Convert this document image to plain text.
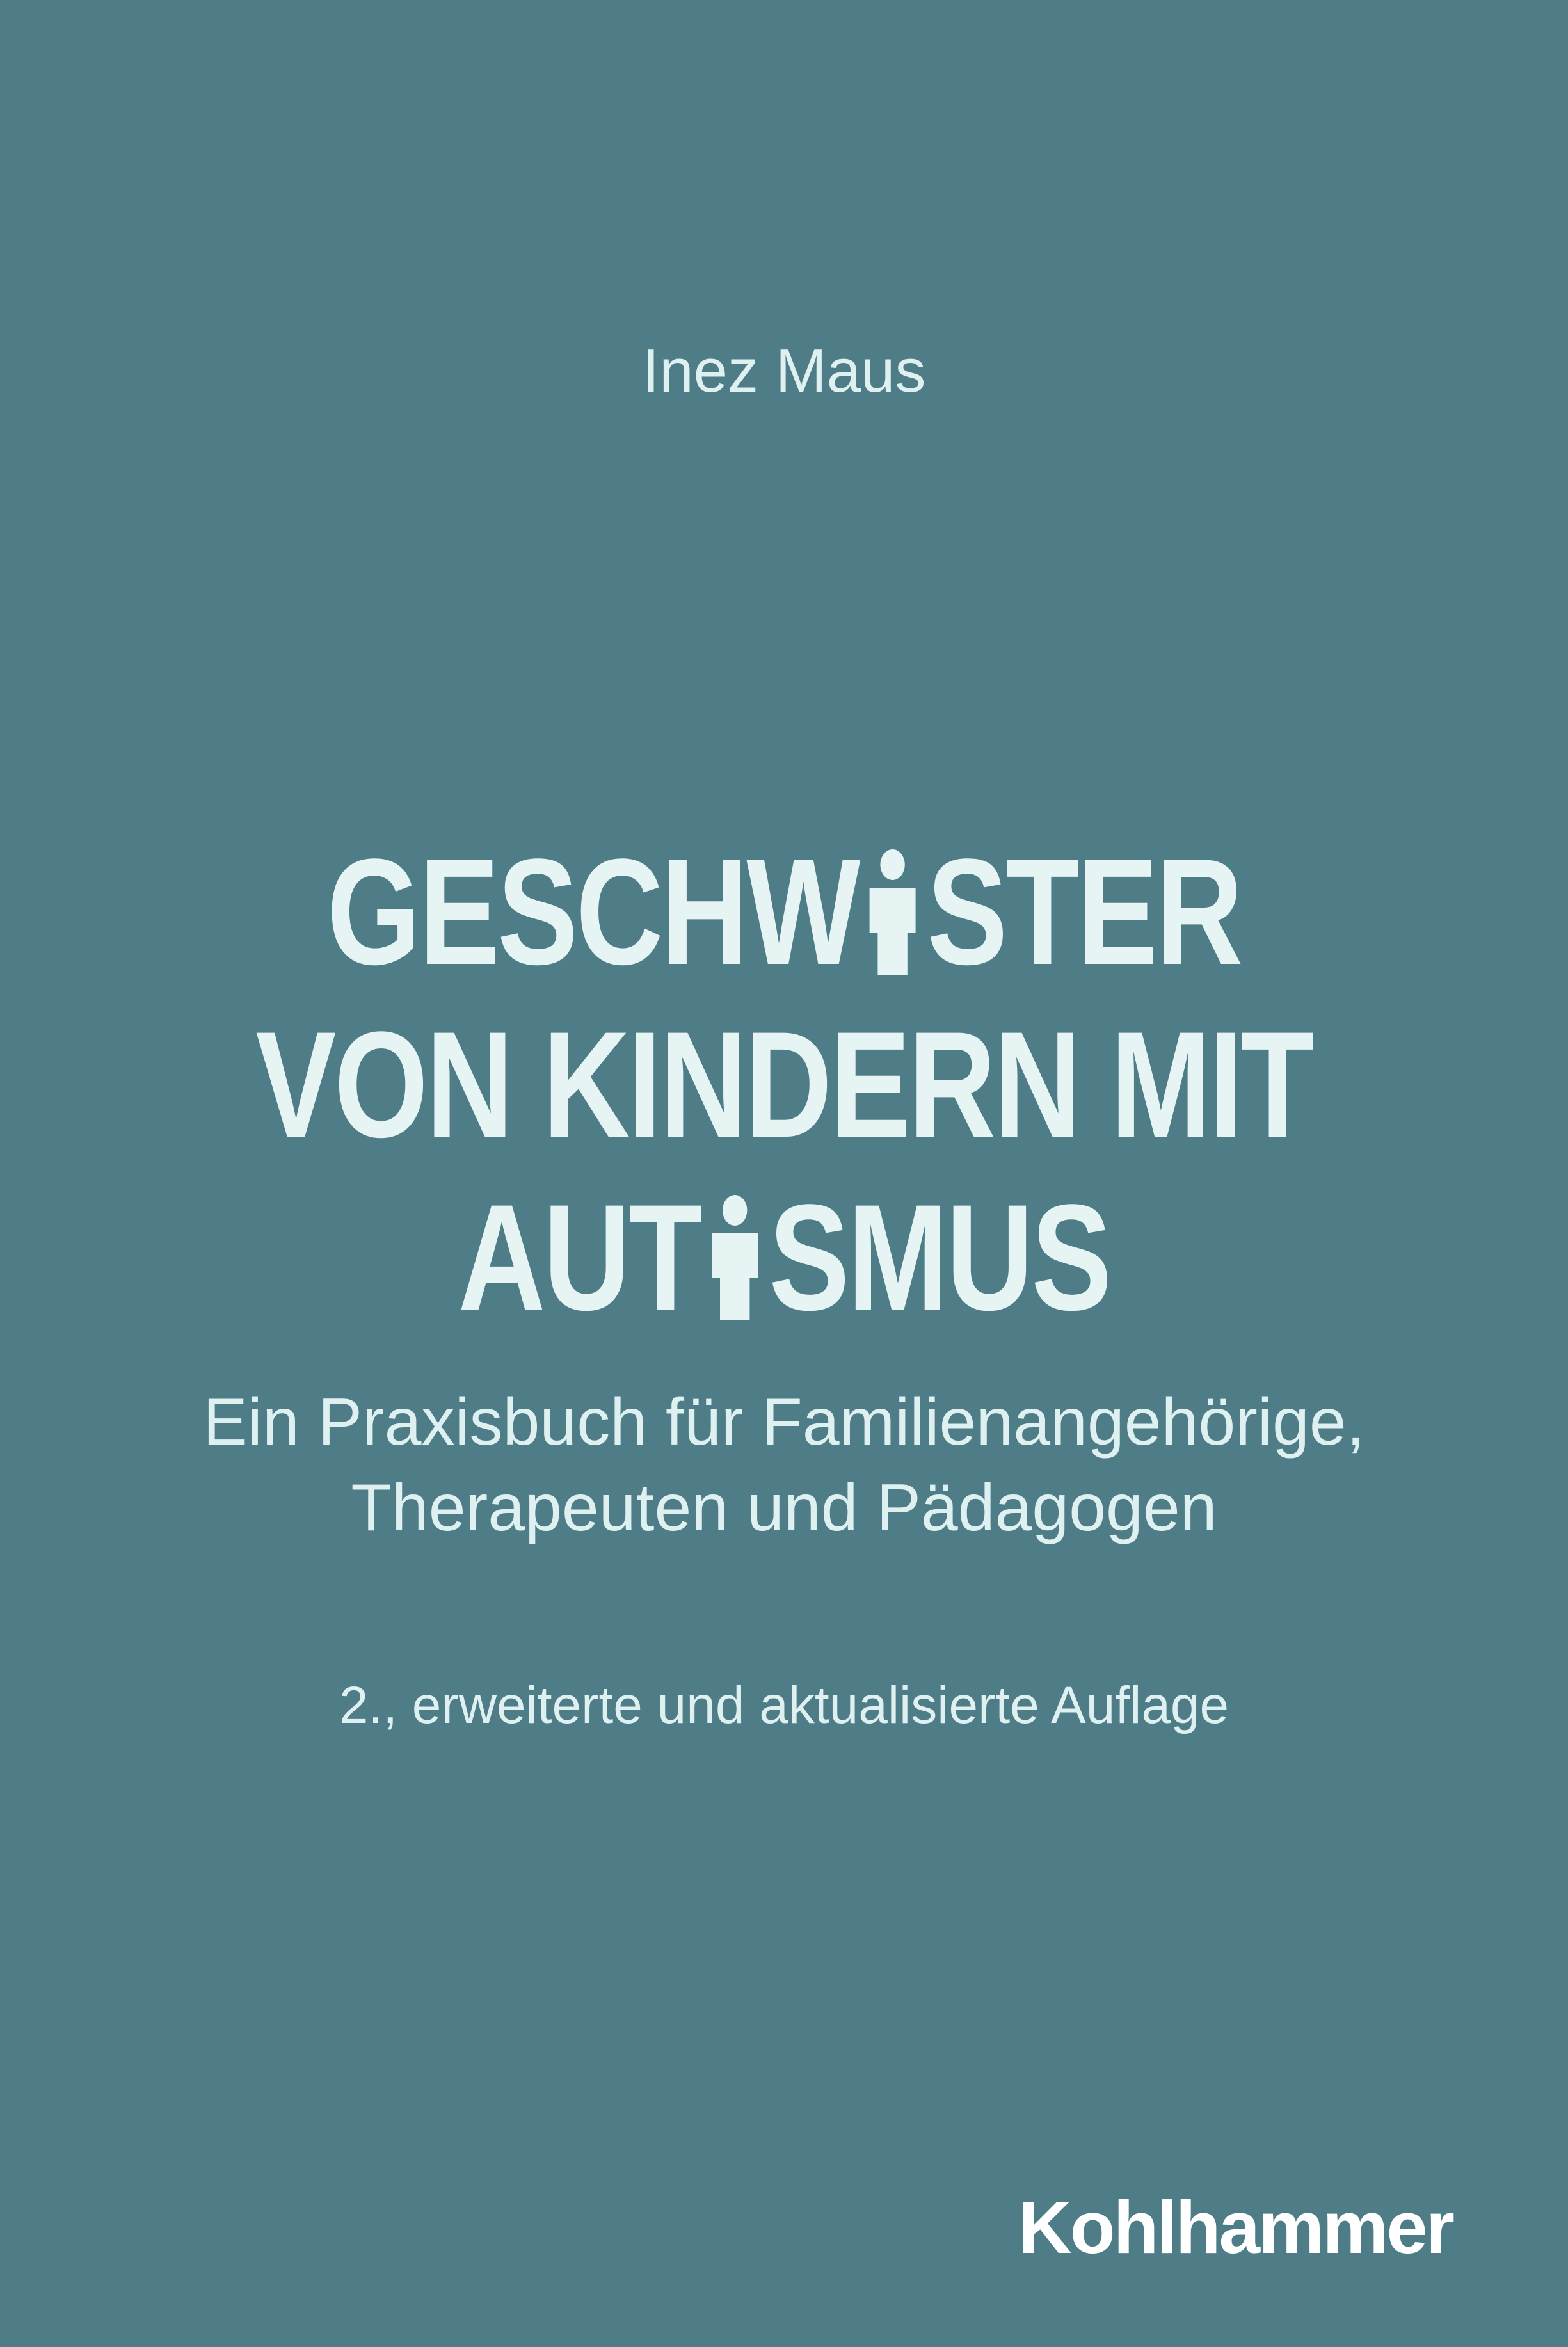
Inez Maus
GESCHW STER
VON KINDERN MIT
AUT SMUS
Ein Praxisbuch für Familienangehörige,
Therapeuten und Pädagogen
2., erweiterte und aktualisierte Auflage
Kohlhammer
